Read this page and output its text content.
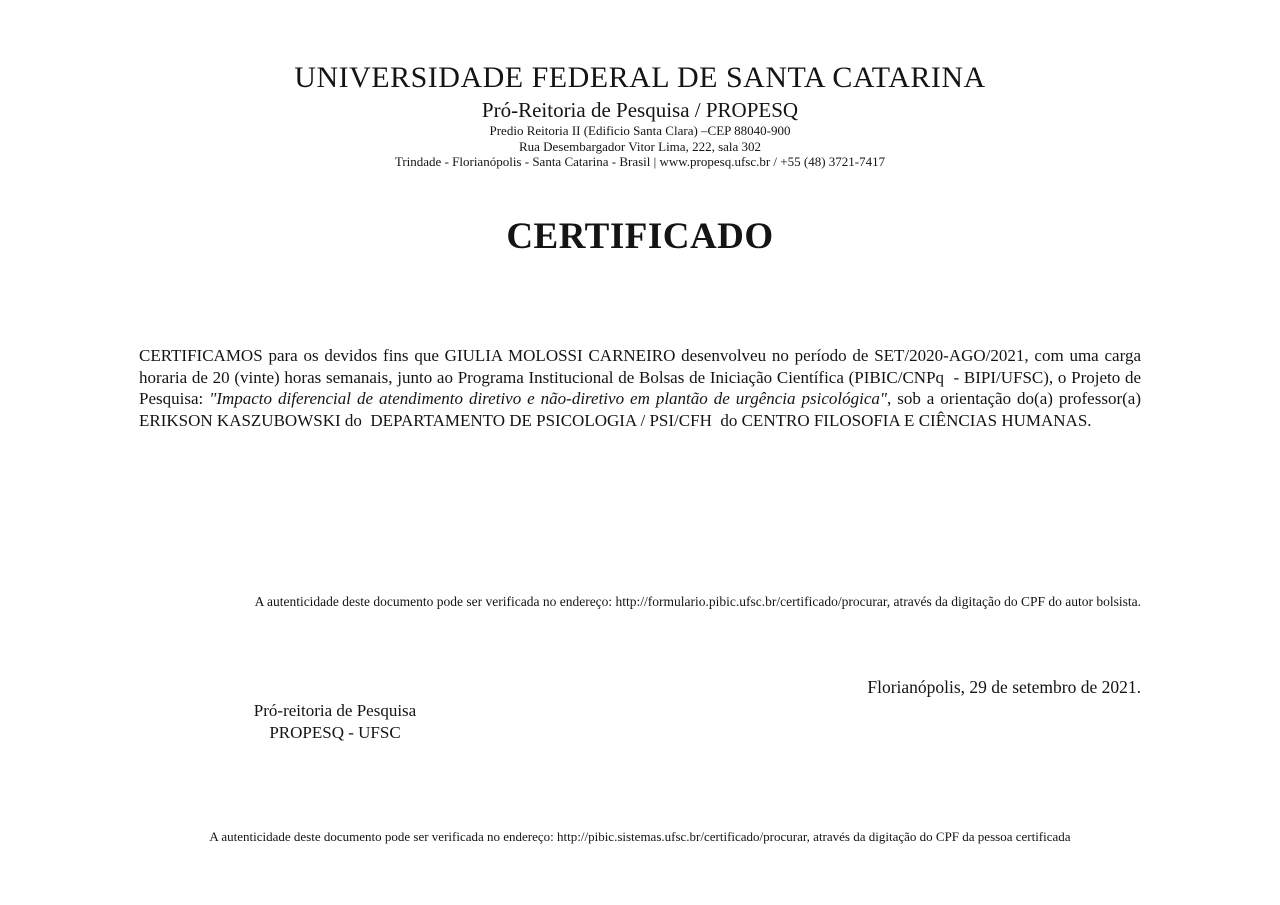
UNIVERSIDADE FEDERAL DE SANTA CATARINA
Pró-Reitoria de Pesquisa / PROPESQ
Predio Reitoria II (Edificio Santa Clara) –CEP 88040-900
Rua Desembargador Vitor Lima, 222, sala 302
Trindade - Florianópolis - Santa Catarina - Brasil | www.propesq.ufsc.br / +55 (48) 3721-7417
CERTIFICADO
CERTIFICAMOS para os devidos fins que GIULIA MOLOSSI CARNEIRO desenvolveu no período de SET/2020-AGO/2021, com uma carga horaria de 20 (vinte) horas semanais, junto ao Programa Institucional de Bolsas de Iniciação Científica (PIBIC/CNPq  - BIPI/UFSC), o Projeto de Pesquisa: "Impacto diferencial de atendimento diretivo e não-diretivo em plantão de urgência psicológica", sob a orientação do(a) professor(a) ERIKSON KASZUBOWSKI do  DEPARTAMENTO DE PSICOLOGIA / PSI/CFH  do CENTRO FILOSOFIA E CIÊNCIAS HUMANAS.
A autenticidade deste documento pode ser verificada no endereço: http://formulario.pibic.ufsc.br/certificado/procurar, através da digitação do CPF do autor bolsista.
Florianópolis, 29 de setembro de 2021.
Pró-reitoria de Pesquisa
PROPESQ - UFSC
A autenticidade deste documento pode ser verificada no endereço: http://pibic.sistemas.ufsc.br/certificado/procurar, através da digitação do CPF da pessoa certificada
